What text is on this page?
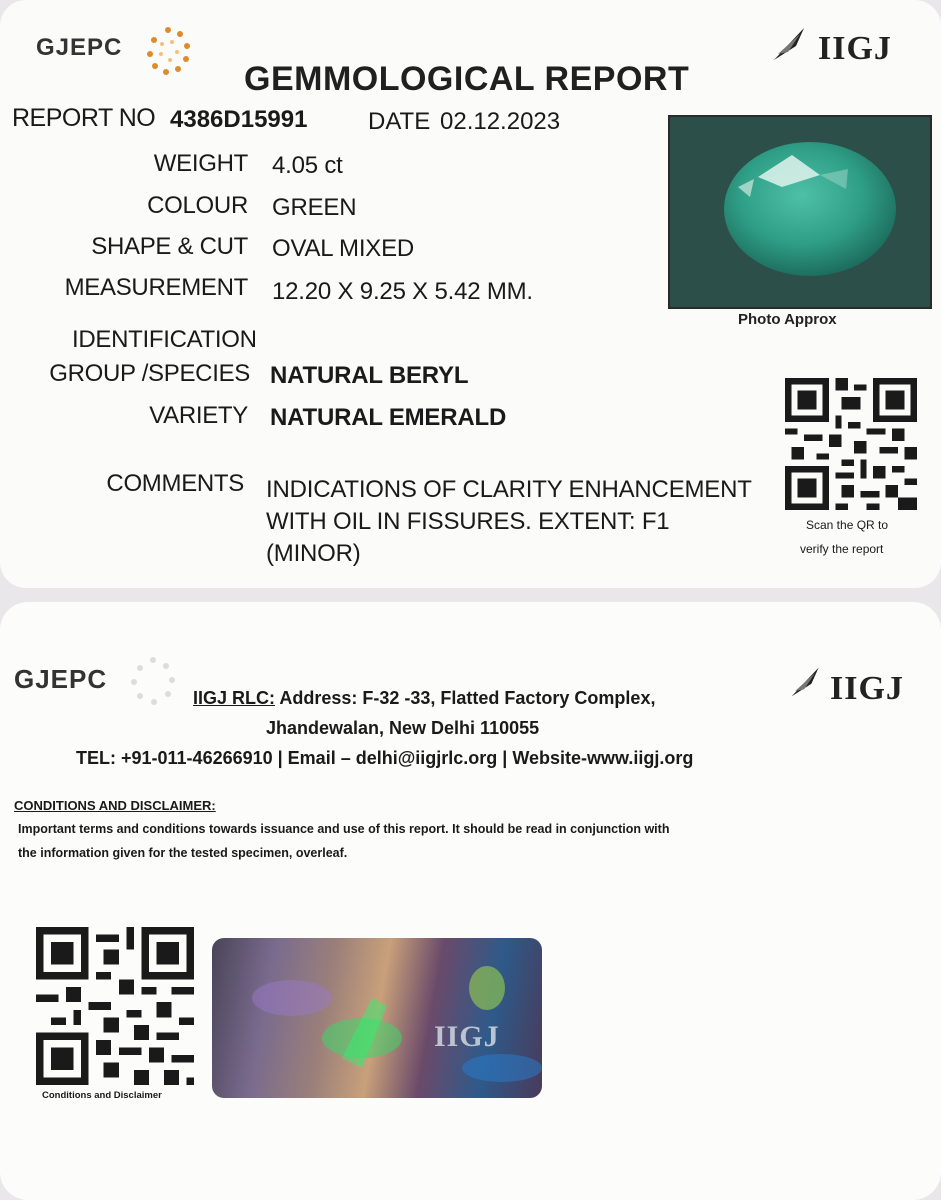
GJEPC	IIGJ
GEMMOLOGICAL REPORT
REPORT NO 4386D15991	DATE 02.12.2023
WEIGHT 4.05 ct
COLOUR GREEN
SHAPE & CUT OVAL MIXED
MEASUREMENT 12.20 X 9.25 X 5.42 MM.
IDENTIFICATION
GROUP /SPECIES NATURAL BERYL
VARIETY NATURAL EMERALD
COMMENTS INDICATIONS OF CLARITY ENHANCEMENT
WITH OIL IN FISSURES. EXTENT: F1
(MINOR)
Photo Approx
Scan the QR to
verify the report
GJEPC	IIGJ
IIGJ RLC: Address: F-32 -33, Flatted Factory Complex,
Jhandewalan, New Delhi 110055
TEL: +91-011-46266910 | Email – delhi@iigjrlc.org | Website-www.iigj.org
CONDITIONS AND DISCLAIMER:
Important terms and conditions towards issuance and use of this report. It should be read in conjunction with
the information given for the tested specimen, overleaf.
Conditions and Disclaimer
IIGJ
